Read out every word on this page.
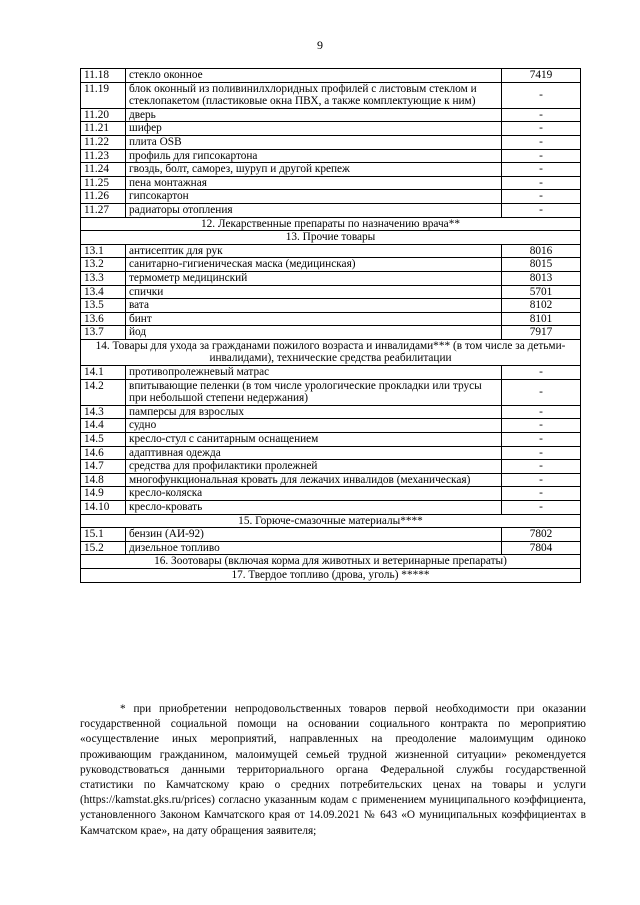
9
11.18	стекло оконное	7419
11.19	блок оконный из поливинилхлоридных профилей с листовым стеклом и стеклопакетом (пластиковые окна ПВХ, а также комплектующие к ним)	-
11.20	дверь	-
11.21	шифер	-
11.22	плита OSB	-
11.23	профиль для гипсокартона	-
11.24	гвоздь, болт, саморез, шуруп и другой крепеж	-
11.25	пена монтажная	-
11.26	гипсокартон	-
11.27	радиаторы отопления	-
12. Лекарственные препараты по назначению врача**		
13. Прочие товары		
13.1	антисептик для рук	8016
13.2	санитарно-гигиеническая маска (медицинская)	8015
13.3	термометр медицинский	8013
13.4	спички	5701
13.5	вата	8102
13.6	бинт	8101
13.7	йод	7917
14. Товары для ухода за гражданами пожилого возраста и инвалидами*** (в том числе за детьми-инвалидами), технические средства реабилитации		
14.1	противопролежневый матрас	-
14.2	впитывающие пеленки (в том числе урологические прокладки или трусы при небольшой степени недержания)	-
14.3	памперсы для взрослых	-
14.4	судно	-
14.5	кресло-стул с санитарным оснащением	-
14.6	адаптивная одежда	-
14.7	средства для профилактики пролежней	-
14.8	многофункциональная кровать для лежачих инвалидов (механическая)	-
14.9	кресло-коляска	-
14.10	кресло-кровать	-
15. Горюче-смазочные материалы****		
15.1	бензин (АИ-92)	7802
15.2	дизельное топливо	7804
16. Зоотовары (включая корма для животных и ветеринарные препараты)		
17. Твердое топливо (дрова, уголь) *****		

* при приобретении непродовольственных товаров первой необходимости при оказании государственной социальной помощи на основании социального контракта по мероприятию «осуществление иных мероприятий, направленных на преодоление малоимущим одиноко проживающим гражданином, малоимущей семьей трудной жизненной ситуации» рекомендуется руководствоваться данными территориального органа Федеральной службы государственной статистики по Камчатскому краю о средних потребительских ценах на товары и услуги (https://kamstat.gks.ru/prices) согласно указанным кодам с применением муниципального коэффициента, установленного Законом Камчатского края от 14.09.2021 № 643 «О муниципальных коэффициентах в Камчатском крае», на дату обращения заявителя;
